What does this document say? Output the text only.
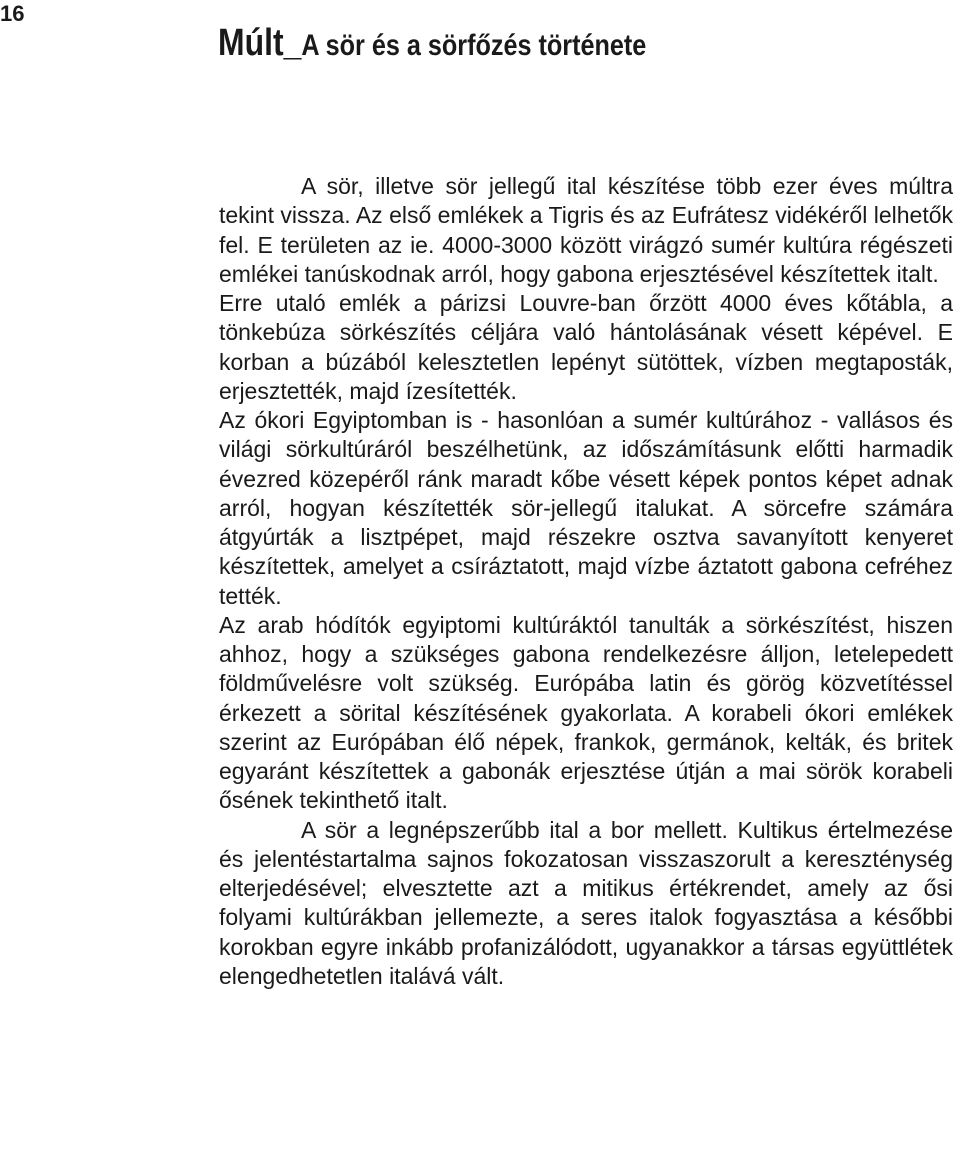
16
Múlt_A sör és a sörfőzés története

A sör, illetve sör jellegű ital készítése több ezer éves múltra tekint vissza. Az első emlékek a Tigris és az Eufrátesz vidékéről lelhetők fel. E területen az ie. 4000-3000 között virágzó sumér kultúra régészeti emlékei tanúskodnak arról, hogy gabona erjesztésével készítettek italt.

Erre utaló emlék a párizsi Louvre-ban őrzött 4000 éves kőtábla, a tönkebúza sörkészítés céljára való hántolásának vésett képével. E korban a búzából kelesztetlen lepényt sütöttek, vízben megtaposták, erjesztették, majd ízesítették.

Az ókori Egyiptomban is - hasonlóan a sumér kultúrához - vallásos és világi sörkultúráról beszélhetünk, az időszámításunk előtti harmadik évezred közepéről ránk maradt kőbe vésett képek pontos képet adnak arról, hogyan készítették sör-jellegű italukat. A sörcefre számára átgyúrták a lisztpépet, majd részekre osztva savanyított kenyeret készítettek, amelyet a csíráztatott, majd vízbe áztatott gabona cefréhez tették.

Az arab hódítók egyiptomi kultúráktól tanulták a sörkészítést, hiszen ahhoz, hogy a szükséges gabona rendelkezésre álljon, letelepedett földművelésre volt szükség. Európába latin és görög közvetítéssel érkezett a sörital készítésének gyakorlata. A korabeli ókori emlékek szerint az Európában élő népek, frankok, germánok, kelták, és britek egyaránt készítettek a gabonák erjesztése útján a mai sörök korabeli ősének tekinthető italt.

A sör a legnépszerűbb ital a bor mellett. Kultikus értelmezése és jelentéstartalma sajnos fokozatosan visszaszorult a kereszténység elterjedésével; elvesztette azt a mitikus értékrendet, amely az ősi folyami kultúrákban jellemezte, a seres italok fogyasztása a későbbi korokban egyre inkább profanizálódott, ugyanakkor a társas együttlétek elengedhetetlen italává vált.
